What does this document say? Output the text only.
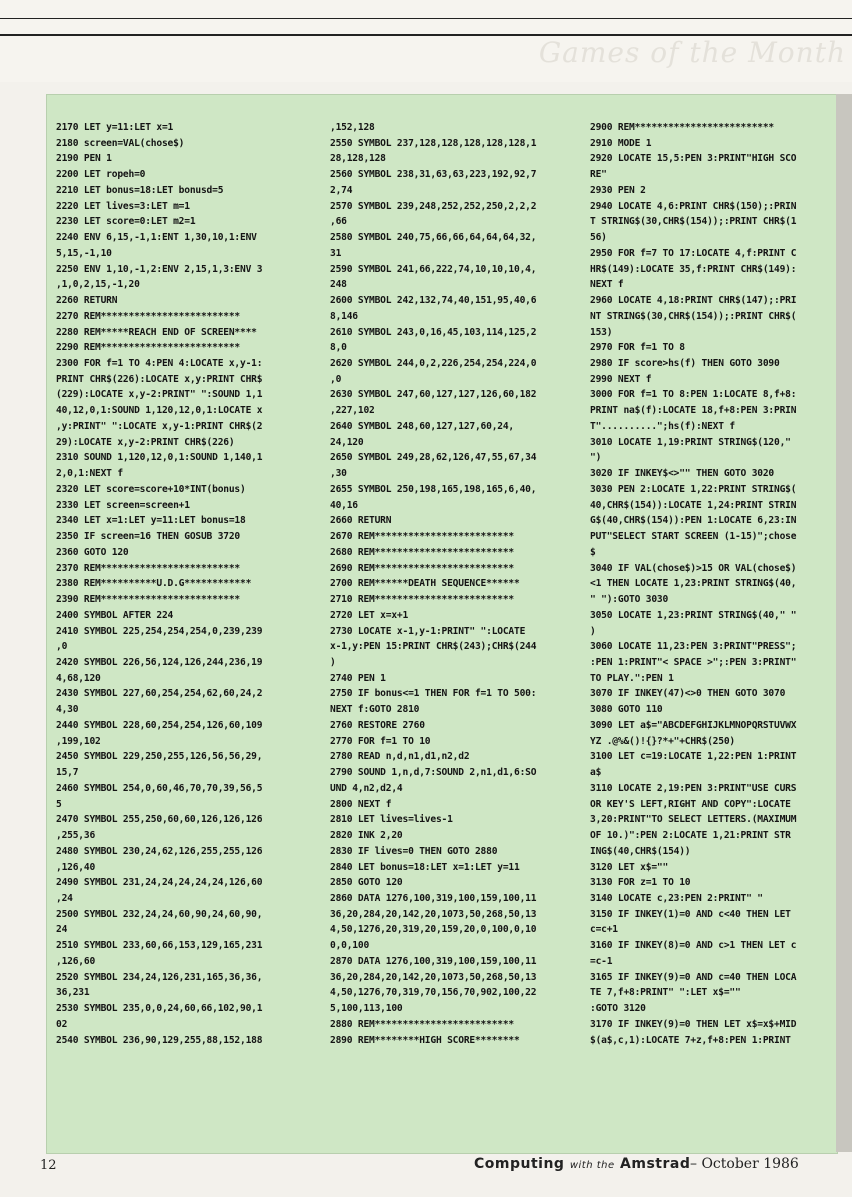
Games of the Month
2170 LET y=11:LET x=1
2180 screen=VAL(chose$)
2190 PEN 1
2200 LET ropeh=0
2210 LET bonus=18:LET bonusd=5
2220 LET lives=3:LET m=1
2230 LET score=0:LET m2=1
2240 ENV 6,15,-1,1:ENT 1,30,10,1:ENV
5,15,-1,10
2250 ENV 1,10,-1,2:ENV 2,15,1,3:ENV 3
,1,0,2,15,-1,20
2260 RETURN
2270 REM*************************
2280 REM*****REACH END OF SCREEN****
2290 REM*************************
2300 FOR f=1 TO 4:PEN 4:LOCATE x,y-1:
PRINT CHR$(226):LOCATE x,y:PRINT CHR$
(229):LOCATE x,y-2:PRINT" ":SOUND 1,1
40,12,0,1:SOUND 1,120,12,0,1:LOCATE x
,y:PRINT" ":LOCATE x,y-1:PRINT CHR$(2
29):LOCATE x,y-2:PRINT CHR$(226)
2310 SOUND 1,120,12,0,1:SOUND 1,140,1
2,0,1:NEXT f
2320 LET score=score+10*INT(bonus)
2330 LET screen=screen+1
2340 LET x=1:LET y=11:LET bonus=18
2350 IF screen=16 THEN GOSUB 3720
2360 GOTO 120
2370 REM*************************
2380 REM**********U.D.G************
2390 REM*************************
2400 SYMBOL AFTER 224
2410 SYMBOL 225,254,254,254,0,239,239
,0
2420 SYMBOL 226,56,124,126,244,236,19
4,68,120
2430 SYMBOL 227,60,254,254,62,60,24,2
4,30
2440 SYMBOL 228,60,254,254,126,60,109
,199,102
2450 SYMBOL 229,250,255,126,56,56,29,
15,7
2460 SYMBOL 254,0,60,46,70,70,39,56,5
5
2470 SYMBOL 255,250,60,60,126,126,126
,255,36
2480 SYMBOL 230,24,62,126,255,255,126
,126,40
2490 SYMBOL 231,24,24,24,24,24,126,60
,24
2500 SYMBOL 232,24,24,60,90,24,60,90,
24
2510 SYMBOL 233,60,66,153,129,165,231
,126,60
2520 SYMBOL 234,24,126,231,165,36,36,
36,231
2530 SYMBOL 235,0,0,24,60,66,102,90,1
02
2540 SYMBOL 236,90,129,255,88,152,188
,152,128
2550 SYMBOL 237,128,128,128,128,128,1
28,128,128
2560 SYMBOL 238,31,63,63,223,192,92,7
2,74
2570 SYMBOL 239,248,252,252,250,2,2,2
,66
2580 SYMBOL 240,75,66,66,64,64,64,32,
31
2590 SYMBOL 241,66,222,74,10,10,10,4,
248
2600 SYMBOL 242,132,74,40,151,95,40,6
8,146
2610 SYMBOL 243,0,16,45,103,114,125,2
8,0
2620 SYMBOL 244,0,2,226,254,254,224,0
,0
2630 SYMBOL 247,60,127,127,126,60,182
,227,102
2640 SYMBOL 248,60,127,127,60,24,
24,120
2650 SYMBOL 249,28,62,126,47,55,67,34
,30
2655 SYMBOL 250,198,165,198,165,6,40,
40,16
2660 RETURN
2670 REM*************************
2680 REM*************************
2690 REM*************************
2700 REM******DEATH SEQUENCE******
2710 REM*************************
2720 LET x=x+1
2730 LOCATE x-1,y-1:PRINT" ":LOCATE
x-1,y:PEN 15:PRINT CHR$(243);CHR$(244
)
2740 PEN 1
2750 IF bonus<=1 THEN FOR f=1 TO 500:
NEXT f:GOTO 2810
2760 RESTORE 2760
2770 FOR f=1 TO 10
2780 READ n,d,n1,d1,n2,d2
2790 SOUND 1,n,d,7:SOUND 2,n1,d1,6:SO
UND 4,n2,d2,4
2800 NEXT f
2810 LET lives=lives-1
2820 INK 2,20
2830 IF lives=0 THEN GOTO 2880
2840 LET bonus=18:LET x=1:LET y=11
2850 GOTO 120
2860 DATA 1276,100,319,100,159,100,11
36,20,284,20,142,20,1073,50,268,50,13
4,50,1276,20,319,20,159,20,0,100,0,10
0,0,100
2870 DATA 1276,100,319,100,159,100,11
36,20,284,20,142,20,1073,50,268,50,13
4,50,1276,70,319,70,156,70,902,100,22
5,100,113,100
2880 REM*************************
2890 REM********HIGH SCORE********
2900 REM*************************
2910 MODE 1
2920 LOCATE 15,5:PEN 3:PRINT"HIGH SCO
RE"
2930 PEN 2
2940 LOCATE 4,6:PRINT CHR$(150);:PRIN
T STRING$(30,CHR$(154));:PRINT CHR$(1
56)
2950 FOR f=7 TO 17:LOCATE 4,f:PRINT C
HR$(149):LOCATE 35,f:PRINT CHR$(149):
NEXT f
2960 LOCATE 4,18:PRINT CHR$(147);:PRI
NT STRING$(30,CHR$(154));:PRINT CHR$(
153)
2970 FOR f=1 TO 8
2980 IF score>hs(f) THEN GOTO 3090
2990 NEXT f
3000 FOR f=1 TO 8:PEN 1:LOCATE 8,f+8:
PRINT na$(f):LOCATE 18,f+8:PEN 3:PRIN
T"..........";hs(f):NEXT f
3010 LOCATE 1,19:PRINT STRING$(120,"
")
3020 IF INKEY$<>"" THEN GOTO 3020
3030 PEN 2:LOCATE 1,22:PRINT STRING$(
40,CHR$(154)):LOCATE 1,24:PRINT STRIN
G$(40,CHR$(154)):PEN 1:LOCATE 6,23:IN
PUT"SELECT START SCREEN (1-15)";chose
$
3040 IF VAL(chose$)>15 OR VAL(chose$)
<1 THEN LOCATE 1,23:PRINT STRING$(40,
" "):GOTO 3030
3050 LOCATE 1,23:PRINT STRING$(40," "
)
3060 LOCATE 11,23:PEN 3:PRINT"PRESS";
:PEN 1:PRINT"< SPACE >";:PEN 3:PRINT"
TO PLAY.":PEN 1
3070 IF INKEY(47)<>0 THEN GOTO 3070
3080 GOTO 110
3090 LET a$="ABCDEFGHIJKLMNOPQRSTUVWX
YZ .@%&()!{}?*+"+CHR$(250)
3100 LET c=19:LOCATE 1,22:PEN 1:PRINT
a$
3110 LOCATE 2,19:PEN 3:PRINT"USE CURS
OR KEY'S LEFT,RIGHT AND COPY":LOCATE
3,20:PRINT"TO SELECT LETTERS.(MAXIMUM
OF 10.)":PEN 2:LOCATE 1,21:PRINT STR
ING$(40,CHR$(154))
3120 LET x$=""
3130 FOR z=1 TO 10
3140 LOCATE c,23:PEN 2:PRINT" "
3150 IF INKEY(1)=0 AND c<40 THEN LET
c=c+1
3160 IF INKEY(8)=0 AND c>1 THEN LET c
=c-1
3165 IF INKEY(9)=0 AND c=40 THEN LOCA
TE 7,f+8:PRINT" ":LET x$=""
:GOTO 3120
3170 IF INKEY(9)=0 THEN LET x$=x$+MID
$(a$,c,1):LOCATE 7+z,f+8:PEN 1:PRINT
12	Computing with the Amstrad – October 1986
